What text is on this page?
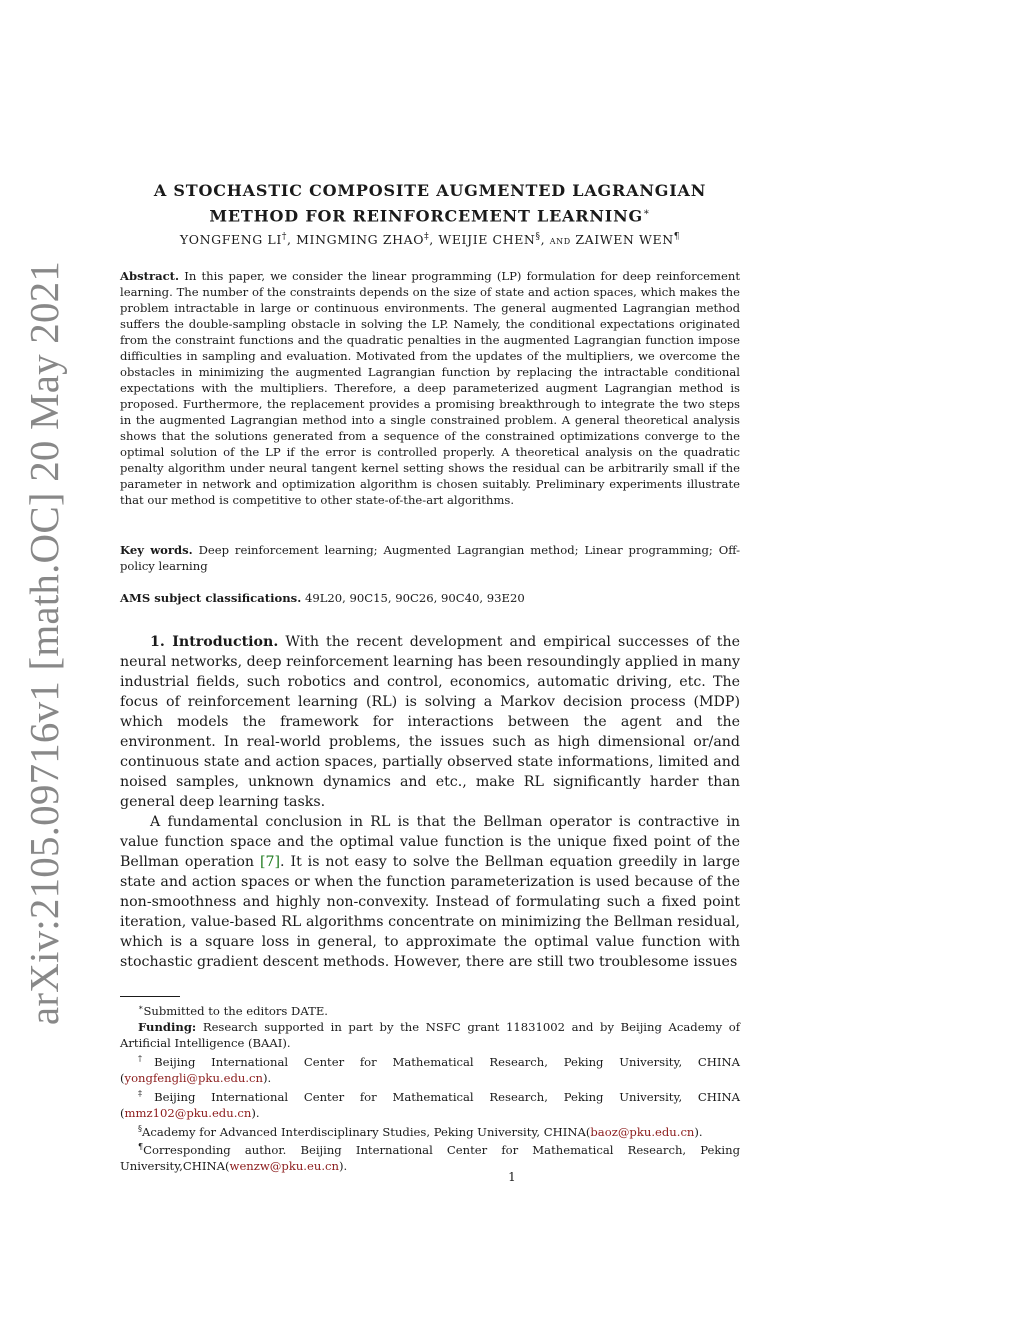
arXiv:2105.09716v1 [math.OC] 20 May 2021
A STOCHASTIC COMPOSITE AUGMENTED LAGRANGIAN
METHOD FOR REINFORCEMENT LEARNING∗
YONGFENG LI†, MINGMING ZHAO‡, WEIJIE CHEN§, and ZAIWEN WEN¶
Abstract. In this paper, we consider the linear programming (LP) formulation for deep reinforcement learning. The number of the constraints depends on the size of state and action spaces, which makes the problem intractable in large or continuous environments. The general augmented Lagrangian method suffers the double-sampling obstacle in solving the LP. Namely, the conditional expectations originated from the constraint functions and the quadratic penalties in the augmented Lagrangian function impose difficulties in sampling and evaluation. Motivated from the updates of the multipliers, we overcome the obstacles in minimizing the augmented Lagrangian function by replacing the intractable conditional expectations with the multipliers. Therefore, a deep parameterized augment Lagrangian method is proposed. Furthermore, the replacement provides a promising breakthrough to integrate the two steps in the augmented Lagrangian method into a single constrained problem. A general theoretical analysis shows that the solutions generated from a sequence of the constrained optimizations converge to the optimal solution of the LP if the error is controlled properly. A theoretical analysis on the quadratic penalty algorithm under neural tangent kernel setting shows the residual can be arbitrarily small if the parameter in network and optimization algorithm is chosen suitably. Preliminary experiments illustrate that our method is competitive to other state-of-the-art algorithms.
Key words. Deep reinforcement learning; Augmented Lagrangian method; Linear programming; Off-policy learning
AMS subject classifications. 49L20, 90C15, 90C26, 90C40, 93E20

1. Introduction. With the recent development and empirical successes of the neural networks, deep reinforcement learning has been resoundingly applied in many industrial fields, such robotics and control, economics, automatic driving, etc. The focus of reinforcement learning (RL) is solving a Markov decision process (MDP) which models the framework for interactions between the agent and the environment. In real-world problems, the issues such as high dimensional or/and continuous state and action spaces, partially observed state informations, limited and noised samples, unknown dynamics and etc., make RL significantly harder than general deep learning tasks.

A fundamental conclusion in RL is that the Bellman operator is contractive in value function space and the optimal value function is the unique fixed point of the Bellman operation [7]. It is not easy to solve the Bellman equation greedily in large state and action spaces or when the function parameterization is used because of the non-smoothness and highly non-convexity. Instead of formulating such a fixed point iteration, value-based RL algorithms concentrate on minimizing the Bellman residual, which is a square loss in general, to approximate the optimal value function with stochastic gradient descent methods. However, there are still two troublesome issues

∗Submitted to the editors DATE.

Funding: Research supported in part by the NSFC grant 11831002 and by Beijing Academy of Artificial Intelligence (BAAI).

†Beijing International Center for Mathematical Research, Peking University, CHINA (yongfengli@pku.edu.cn).

‡Beijing International Center for Mathematical Research, Peking University, CHINA (mmz102@pku.edu.cn).

§Academy for Advanced Interdisciplinary Studies, Peking University, CHINA(baoz@pku.edu.cn).

¶Corresponding author. Beijing International Center for Mathematical Research, Peking University,CHINA(wenzw@pku.eu.cn).

1
